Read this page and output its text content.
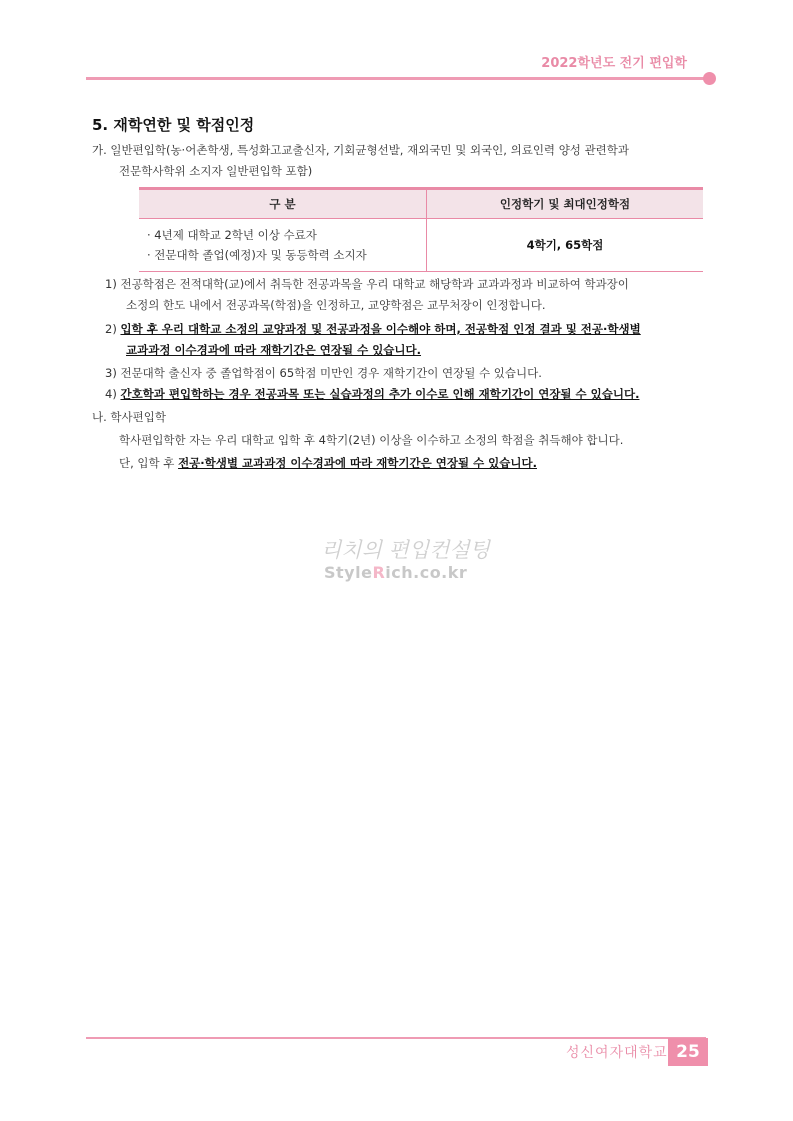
2022학년도 전기 편입학
5. 재학연한 및 학점인정
가. 일반편입학(농·어촌학생, 특성화고교출신자, 기회균형선발, 재외국민 및 외국인, 의료인력 양성 관련학과
전문학사학위 소지자 일반편입학 포함)
구 분	인정학기 및 최대인정학점

· 4년제 대학교 2학년 이상 수료자
· 전문대학 졸업(예정)자 및 동등학력 소지자	4학기, 65학점
1) 전공학점은 전적대학(교)에서 취득한 전공과목을 우리 대학교 해당학과 교과과정과 비교하여 학과장이
소정의 한도 내에서 전공과목(학점)을 인정하고, 교양학점은 교무처장이 인정합니다.
2) 입학 후 우리 대학교 소정의 교양과정 및 전공과정을 이수해야 하며, 전공학점 인정 결과 및 전공·학생별
교과과정 이수경과에 따라 재학기간은 연장될 수 있습니다.
3) 전문대학 출신자 중 졸업학점이 65학점 미만인 경우 재학기간이 연장될 수 있습니다.
4) 간호학과 편입학하는 경우 전공과목 또는 실습과정의 추가 이수로 인해 재학기간이 연장될 수 있습니다.
나. 학사편입학
학사편입학한 자는 우리 대학교 입학 후 4학기(2년) 이상을 이수하고 소정의 학점을 취득해야 합니다.
단, 입학 후 전공·학생별 교과과정 이수경과에 따라 재학기간은 연장될 수 있습니다.
리치의 편입컨설팅
StyleRich.co.kr
성신여자대학교 25
